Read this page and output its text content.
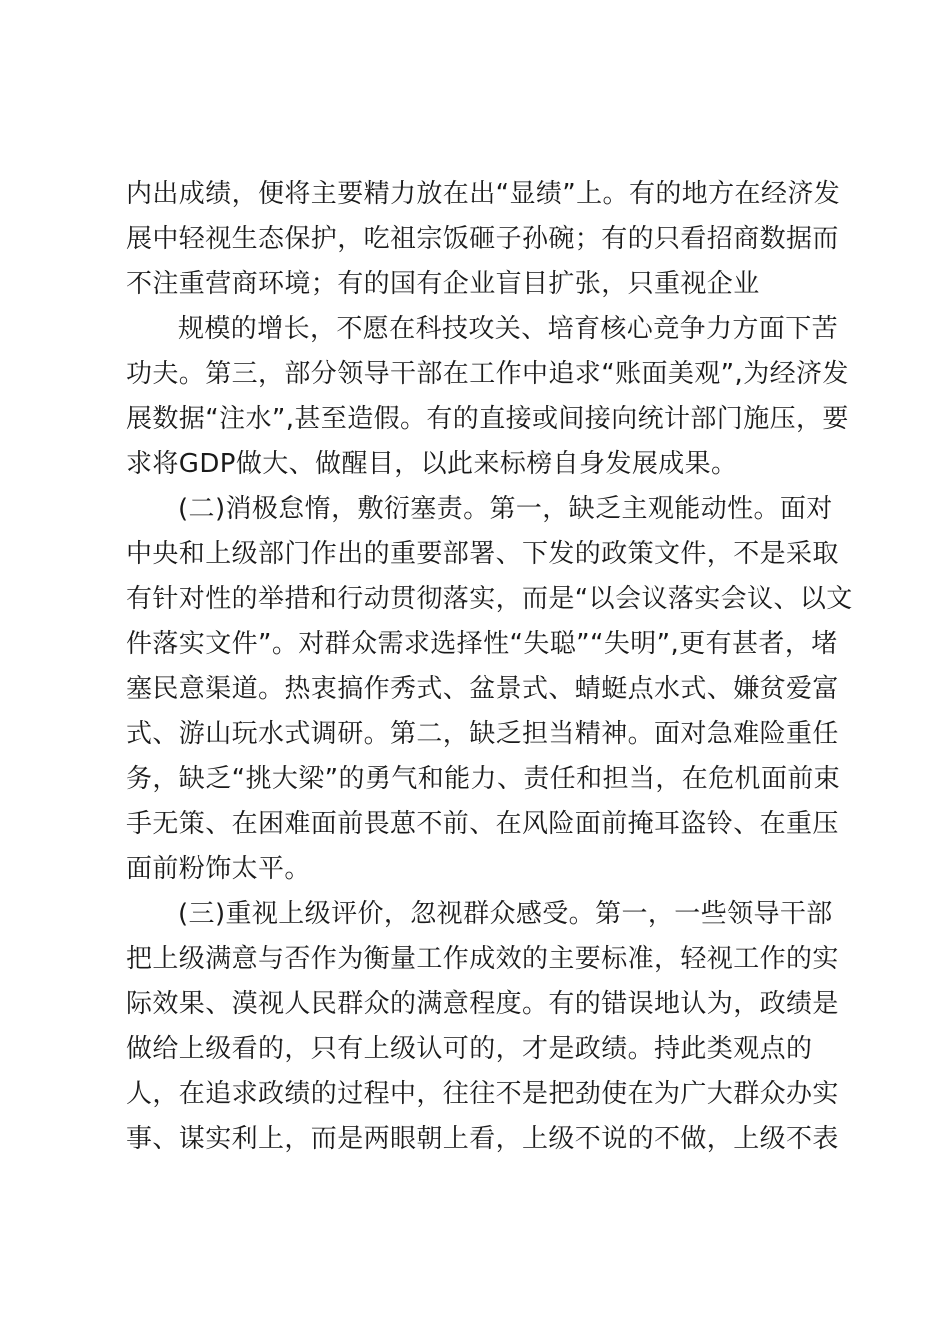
内出成绩，便将主要精力放在出“显绩”上。有的地方在经济发
展中轻视生态保护，吃祖宗饭砸子孙碗；有的只看招商数据而
不注重营商环境；有的国有企业盲目扩张，只重视企业
规模的增长，不愿在科技攻关、培育核心竞争力方面下苦
功夫。第三，部分领导干部在工作中追求“账面美观”,为经济发
展数据“注水”,甚至造假。有的直接或间接向统计部门施压，要
求将GDP做大、做醒目，以此来标榜自身发展成果。
(二)消极怠惰，敷衍塞责。第一，缺乏主观能动性。面对
中央和上级部门作出的重要部署、下发的政策文件，不是采取
有针对性的举措和行动贯彻落实，而是“以会议落实会议、以文
件落实文件”。对群众需求选择性“失聪”“失明”,更有甚者，堵
塞民意渠道。热衷搞作秀式、盆景式、蜻蜓点水式、嫌贫爱富
式、游山玩水式调研。第二，缺乏担当精神。面对急难险重任
务，缺乏“挑大梁”的勇气和能力、责任和担当，在危机面前束
手无策、在困难面前畏葸不前、在风险面前掩耳盗铃、在重压
面前粉饰太平。
(三)重视上级评价，忽视群众感受。第一，一些领导干部
把上级满意与否作为衡量工作成效的主要标准，轻视工作的实
际效果、漠视人民群众的满意程度。有的错误地认为，政绩是
做给上级看的，只有上级认可的，才是政绩。持此类观点的
人，在追求政绩的过程中，往往不是把劲使在为广大群众办实
事、谋实利上，而是两眼朝上看，上级不说的不做，上级不表
